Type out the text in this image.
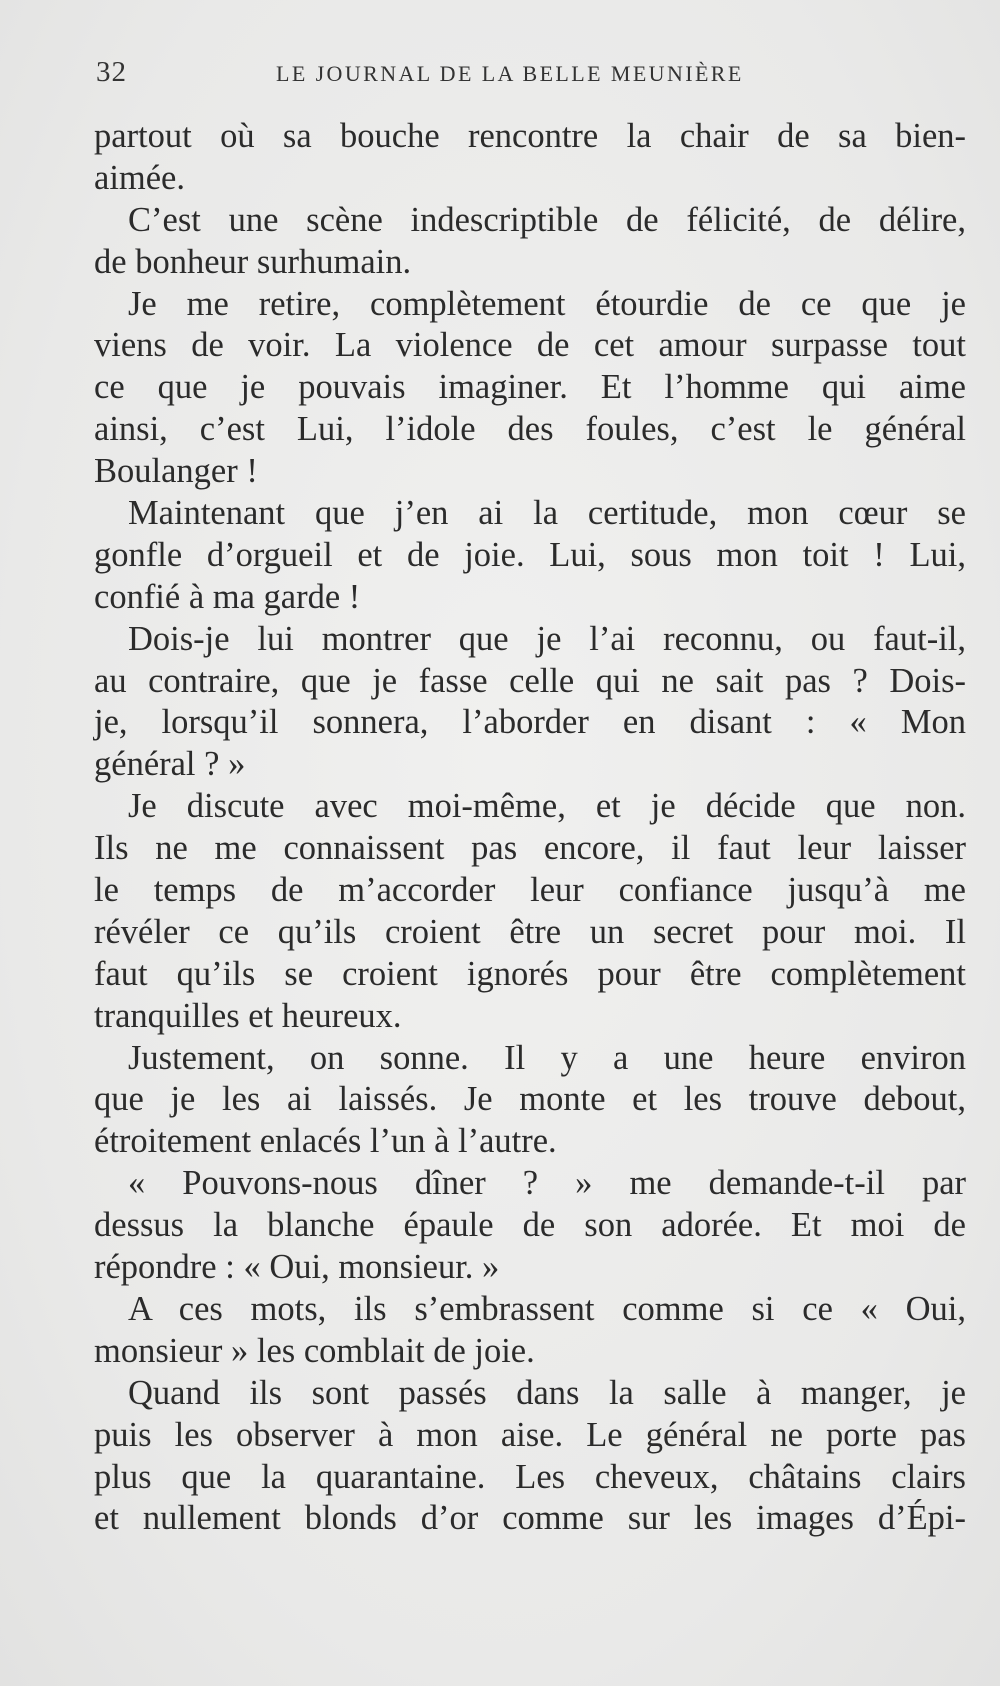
32	LE JOURNAL DE LA BELLE MEUNIÈRE
partout où sa bouche rencontre la chair de sa bien-
aimée.
C’est une scène indescriptible de félicité, de délire,
de bonheur surhumain.
Je me retire, complètement étourdie de ce que je
viens de voir. La violence de cet amour surpasse tout
ce que je pouvais imaginer. Et l’homme qui aime
ainsi, c’est Lui, l’idole des foules, c’est le général
Boulanger !
Maintenant que j’en ai la certitude, mon cœur se
gonfle d’orgueil et de joie. Lui, sous mon toit ! Lui,
confié à ma garde !
Dois-je lui montrer que je l’ai reconnu, ou faut-il,
au contraire, que je fasse celle qui ne sait pas ? Dois-
je, lorsqu’il sonnera, l’aborder en disant : « Mon
général ? »
Je discute avec moi-même, et je décide que non.
Ils ne me connaissent pas encore, il faut leur laisser
le temps de m’accorder leur confiance jusqu’à me
révéler ce qu’ils croient être un secret pour moi. Il
faut qu’ils se croient ignorés pour être complètement
tranquilles et heureux.
Justement, on sonne. Il y a une heure environ
que je les ai laissés. Je monte et les trouve debout,
étroitement enlacés l’un à l’autre.
« Pouvons-nous dîner ? » me demande-t-il par
dessus la blanche épaule de son adorée. Et moi de
répondre : « Oui, monsieur. »
A ces mots, ils s’embrassent comme si ce « Oui,
monsieur » les comblait de joie.
Quand ils sont passés dans la salle à manger, je
puis les observer à mon aise. Le général ne porte pas
plus que la quarantaine. Les cheveux, châtains clairs
et nullement blonds d’or comme sur les images d’Épi-
